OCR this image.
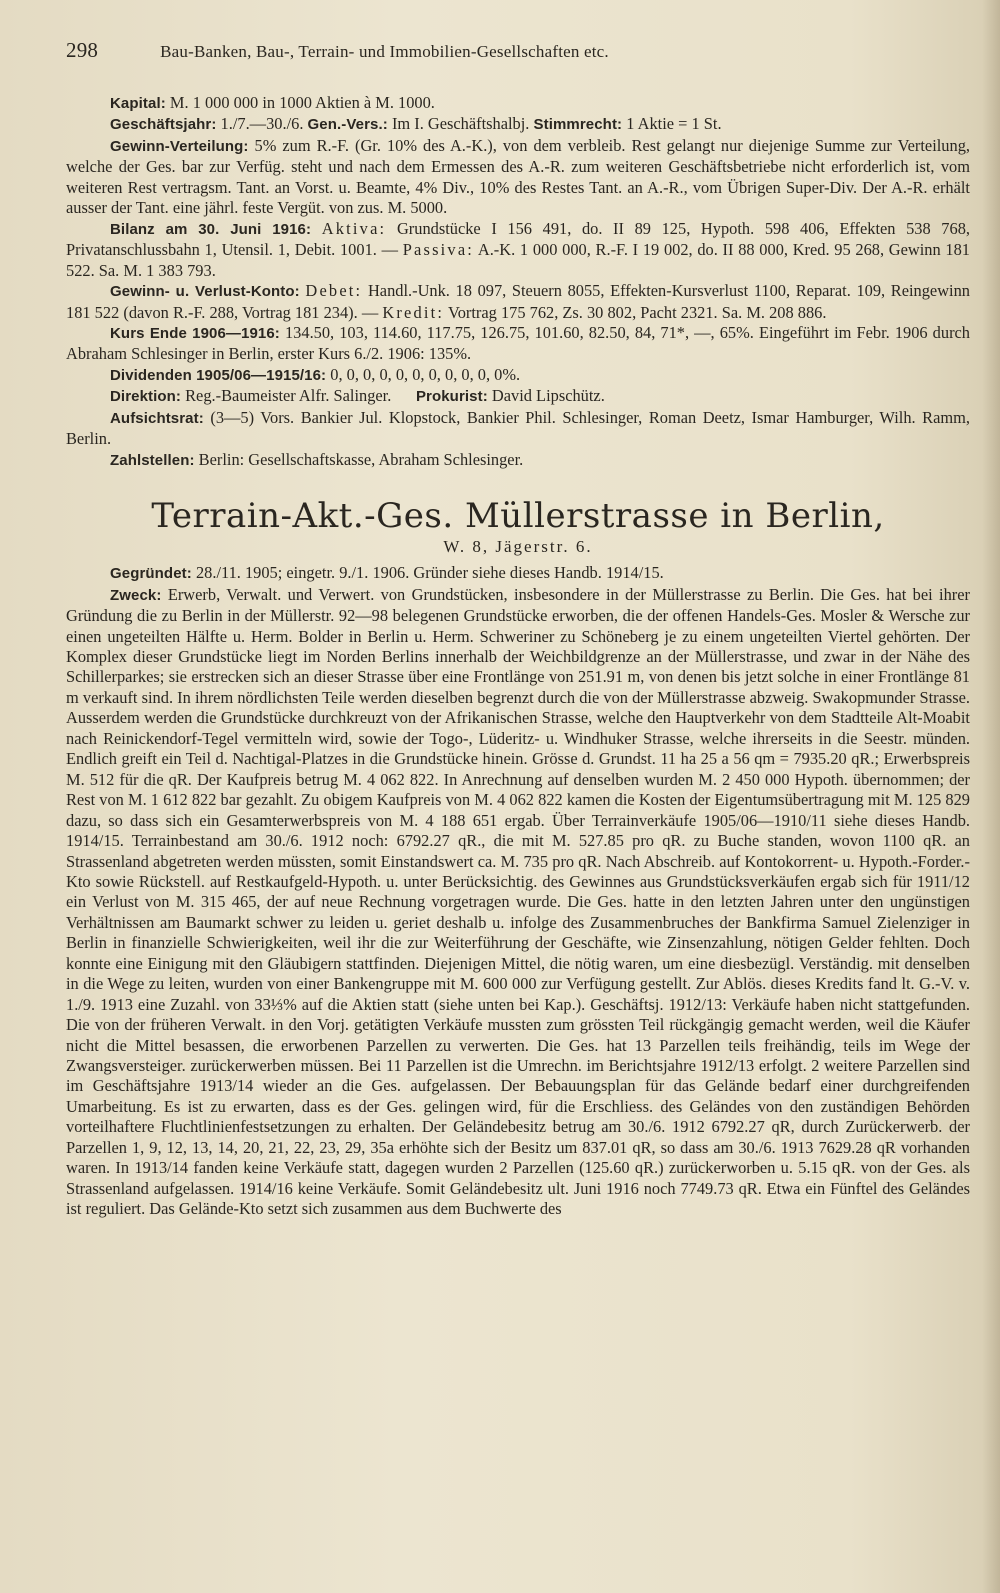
298	Bau-Banken, Bau-, Terrain- und Immobilien-Gesellschaften etc.

Kapital: M. 1 000 000 in 1000 Aktien à M. 1000.

Geschäftsjahr: 1./7.—30./6. Gen.-Vers.: Im I. Geschäftshalbj. Stimmrecht: 1 Aktie = 1 St.

Gewinn-Verteilung: 5% zum R.-F. (Gr. 10% des A.-K.), von dem verbleib. Rest gelangt nur diejenige Summe zur Verteilung, welche der Ges. bar zur Verfüg. steht und nach dem Ermessen des A.-R. zum weiteren Geschäftsbetriebe nicht erforderlich ist, vom weiteren Rest vertragsm. Tant. an Vorst. u. Beamte, 4% Div., 10% des Restes Tant. an A.-R., vom Übrigen Super-Div. Der A.-R. erhält ausser der Tant. eine jährl. feste Vergüt. von zus. M. 5000.

Bilanz am 30. Juni 1916: Aktiva: Grundstücke I 156 491, do. II 89 125, Hypoth. 598 406, Effekten 538 768, Privatanschlussbahn 1, Utensil. 1, Debit. 1001. — Passiva: A.-K. 1 000 000, R.-F. I 19 002, do. II 88 000, Kred. 95 268, Gewinn 181 522. Sa. M. 1 383 793.

Gewinn- u. Verlust-Konto: Debet: Handl.-Unk. 18 097, Steuern 8055, Effekten-Kursverlust 1100, Reparat. 109, Reingewinn 181 522 (davon R.-F. 288, Vortrag 181 234). — Kredit: Vortrag 175 762, Zs. 30 802, Pacht 2321. Sa. M. 208 886.

Kurs Ende 1906—1916: 134.50, 103, 114.60, 117.75, 126.75, 101.60, 82.50, 84, 71*, —, 65%. Eingeführt im Febr. 1906 durch Abraham Schlesinger in Berlin, erster Kurs 6./2. 1906: 135%.

Dividenden 1905/06—1915/16: 0, 0, 0, 0, 0, 0, 0, 0, 0, 0, 0%.

Direktion: Reg.-Baumeister Alfr. Salinger. Prokurist: David Lipschütz.

Aufsichtsrat: (3—5) Vors. Bankier Jul. Klopstock, Bankier Phil. Schlesinger, Roman Deetz, Ismar Hamburger, Wilh. Ramm, Berlin.

Zahlstellen: Berlin: Gesellschaftskasse, Abraham Schlesinger.

Terrain-Akt.-Ges. Müllerstrasse in Berlin,
W. 8, Jägerstr. 6.

Gegründet: 28./11. 1905; eingetr. 9./1. 1906. Gründer siehe dieses Handb. 1914/15.

Zweck: Erwerb, Verwalt. und Verwert. von Grundstücken, insbesondere in der Müllerstrasse zu Berlin. Die Ges. hat bei ihrer Gründung die zu Berlin in der Müllerstr. 92—98 belegenen Grundstücke erworben, die der offenen Handels-Ges. Mosler & Wersche zur einen ungeteilten Hälfte u. Herm. Bolder in Berlin u. Herm. Schweriner zu Schöneberg je zu einem ungeteilten Viertel gehörten. Der Komplex dieser Grundstücke liegt im Norden Berlins innerhalb der Weichbildgrenze an der Müllerstrasse, und zwar in der Nähe des Schillerparkes; sie erstrecken sich an dieser Strasse über eine Frontlänge von 251.91 m, von denen bis jetzt solche in einer Frontlänge 81 m verkauft sind. In ihrem nördlichsten Teile werden dieselben begrenzt durch die von der Müllerstrasse abzweig. Swakopmunder Strasse. Ausserdem werden die Grundstücke durchkreuzt von der Afrikanischen Strasse, welche den Hauptverkehr von dem Stadtteile Alt-Moabit nach Reinickendorf-Tegel vermitteln wird, sowie der Togo-, Lüderitz- u. Windhuker Strasse, welche ihrerseits in die Seestr. münden. Endlich greift ein Teil d. Nachtigal-Platzes in die Grundstücke hinein. Grösse d. Grundst. 11 ha 25 a 56 qm = 7935.20 qR.; Erwerbspreis M. 512 für die qR. Der Kaufpreis betrug M. 4 062 822. In Anrechnung auf denselben wurden M. 2 450 000 Hypoth. übernommen; der Rest von M. 1 612 822 bar gezahlt. Zu obigem Kaufpreis von M. 4 062 822 kamen die Kosten der Eigentumsübertragung mit M. 125 829 dazu, so dass sich ein Gesamterwerbspreis von M. 4 188 651 ergab. Über Terrainverkäufe 1905/06—1910/11 siehe dieses Handb. 1914/15. Terrainbestand am 30./6. 1912 noch: 6792.27 qR., die mit M. 527.85 pro qR. zu Buche standen, wovon 1100 qR. an Strassenland abgetreten werden müssten, somit Einstandswert ca. M. 735 pro qR. Nach Abschreib. auf Kontokorrent- u. Hypoth.-Forder.-Kto sowie Rückstell. auf Restkaufgeld-Hypoth. u. unter Berücksichtig. des Gewinnes aus Grundstücksverkäufen ergab sich für 1911/12 ein Verlust von M. 315 465, der auf neue Rechnung vorgetragen wurde. Die Ges. hatte in den letzten Jahren unter den ungünstigen Verhältnissen am Baumarkt schwer zu leiden u. geriet deshalb u. infolge des Zusammenbruches der Bankfirma Samuel Zielenziger in Berlin in finanzielle Schwierigkeiten, weil ihr die zur Weiterführung der Geschäfte, wie Zinsenzahlung, nötigen Gelder fehlten. Doch konnte eine Einigung mit den Gläubigern stattfinden. Diejenigen Mittel, die nötig waren, um eine diesbezügl. Verständig. mit denselben in die Wege zu leiten, wurden von einer Bankengruppe mit M. 600 000 zur Verfügung gestellt. Zur Ablös. dieses Kredits fand lt. G.-V. v. 1./9. 1913 eine Zuzahl. von 33⅓% auf die Aktien statt (siehe unten bei Kap.). Geschäftsj. 1912/13: Verkäufe haben nicht stattgefunden. Die von der früheren Verwalt. in den Vorj. getätigten Verkäufe mussten zum grössten Teil rückgängig gemacht werden, weil die Käufer nicht die Mittel besassen, die erworbenen Parzellen zu verwerten. Die Ges. hat 13 Parzellen teils freihändig, teils im Wege der Zwangsversteiger. zurückerwerben müssen. Bei 11 Parzellen ist die Umrechn. im Berichtsjahre 1912/13 erfolgt. 2 weitere Parzellen sind im Geschäftsjahre 1913/14 wieder an die Ges. aufgelassen. Der Bebauungsplan für das Gelände bedarf einer durchgreifenden Umarbeitung. Es ist zu erwarten, dass es der Ges. gelingen wird, für die Erschliess. des Geländes von den zuständigen Behörden vorteilhaftere Fluchtlinienfestsetzungen zu erhalten. Der Geländebesitz betrug am 30./6. 1912 6792.27 qR, durch Zurückerwerb. der Parzellen 1, 9, 12, 13, 14, 20, 21, 22, 23, 29, 35a erhöhte sich der Besitz um 837.01 qR, so dass am 30./6. 1913 7629.28 qR vorhanden waren. In 1913/14 fanden keine Verkäufe statt, dagegen wurden 2 Parzellen (125.60 qR.) zurückerworben u. 5.15 qR. von der Ges. als Strassenland aufgelassen. 1914/16 keine Verkäufe. Somit Geländebesitz ult. Juni 1916 noch 7749.73 qR. Etwa ein Fünftel des Geländes ist reguliert. Das Gelände-Kto setzt sich zusammen aus dem Buchwerte des
